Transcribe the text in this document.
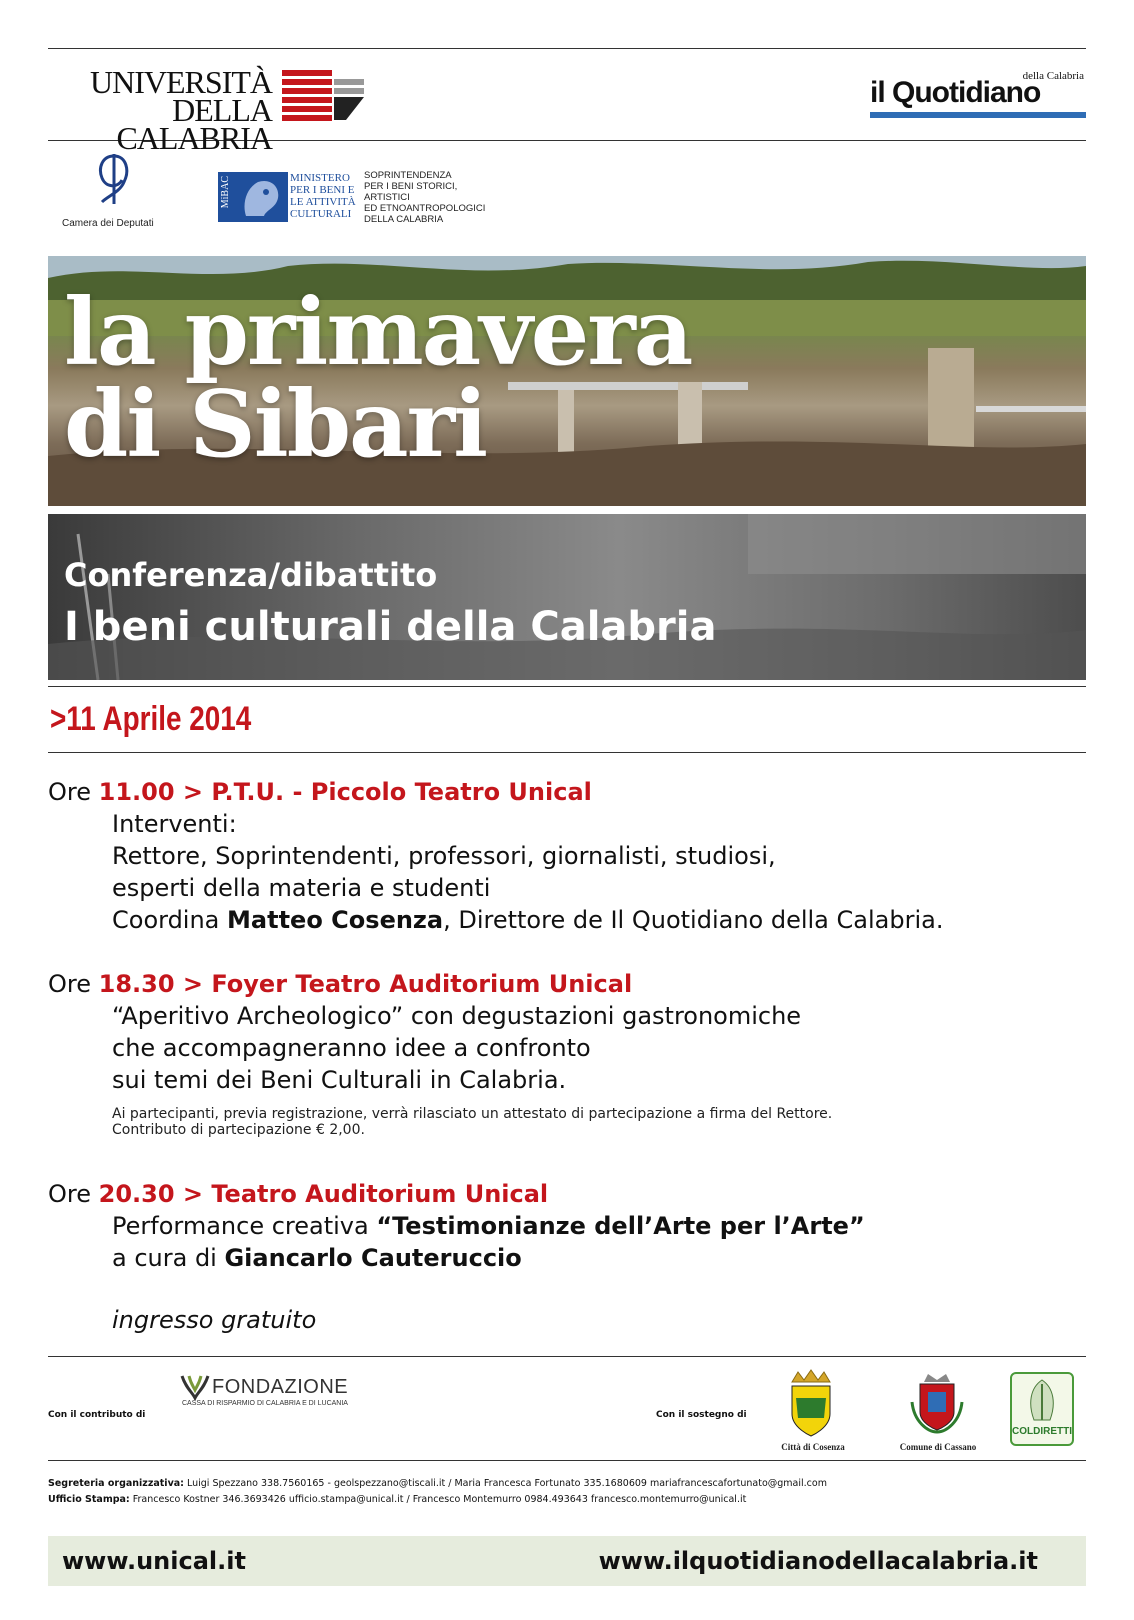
UNIVERSITÀ
DELLA CALABRIA
il Quotidiano
della Calabria
Camera dei Deputati
MiBAC	MINISTERO
PER I BENI E
LE ATTIVITÀ
CULTURALI
SOPRINTENDENZA
PER I BENI STORICI,
ARTISTICI
ED ETNOANTROPOLOGICI
DELLA CALABRIA
la primavera
di Sibari
Conferenza/dibattito
I beni culturali della Calabria
>11 Aprile 2014
Ore 11.00 > P.T.U. - Piccolo Teatro Unical
Interventi:
Rettore, Soprintendenti, professori, giornalisti, studiosi,
esperti della materia e studenti
Coordina Matteo Cosenza, Direttore de Il Quotidiano della Calabria.
Ore 18.30 > Foyer Teatro Auditorium Unical
“Aperitivo Archeologico” con degustazioni gastronomiche
che accompagneranno idee a confronto
sui temi dei Beni Culturali in Calabria.
Ai partecipanti, previa registrazione, verrà rilasciato un attestato di partecipazione a firma del Rettore.
Contributo di partecipazione € 2,00.
Ore 20.30 > Teatro Auditorium Unical
Performance creativa “Testimonianze dell’Arte per l’Arte”
a cura di Giancarlo Cauteruccio
ingresso gratuito
Con il contributo di
FONDAZIONE
CASSA DI RISPARMIO DI CALABRIA E DI LUCANIA
Con il sostegno di
Città di Cosenza	Comune di Cassano
COLDIRETTI
Segreteria organizzativa: Luigi Spezzano 338.7560165 - geolspezzano@tiscali.it / Maria Francesca Fortunato 335.1680609 mariafrancescafortunato@gmail.com
Ufficio Stampa: Francesco Kostner 346.3693426 ufficio.stampa@unical.it / Francesco Montemurro 0984.493643 francesco.montemurro@unical.it
www.unical.it	www.ilquotidianodellacalabria.it
